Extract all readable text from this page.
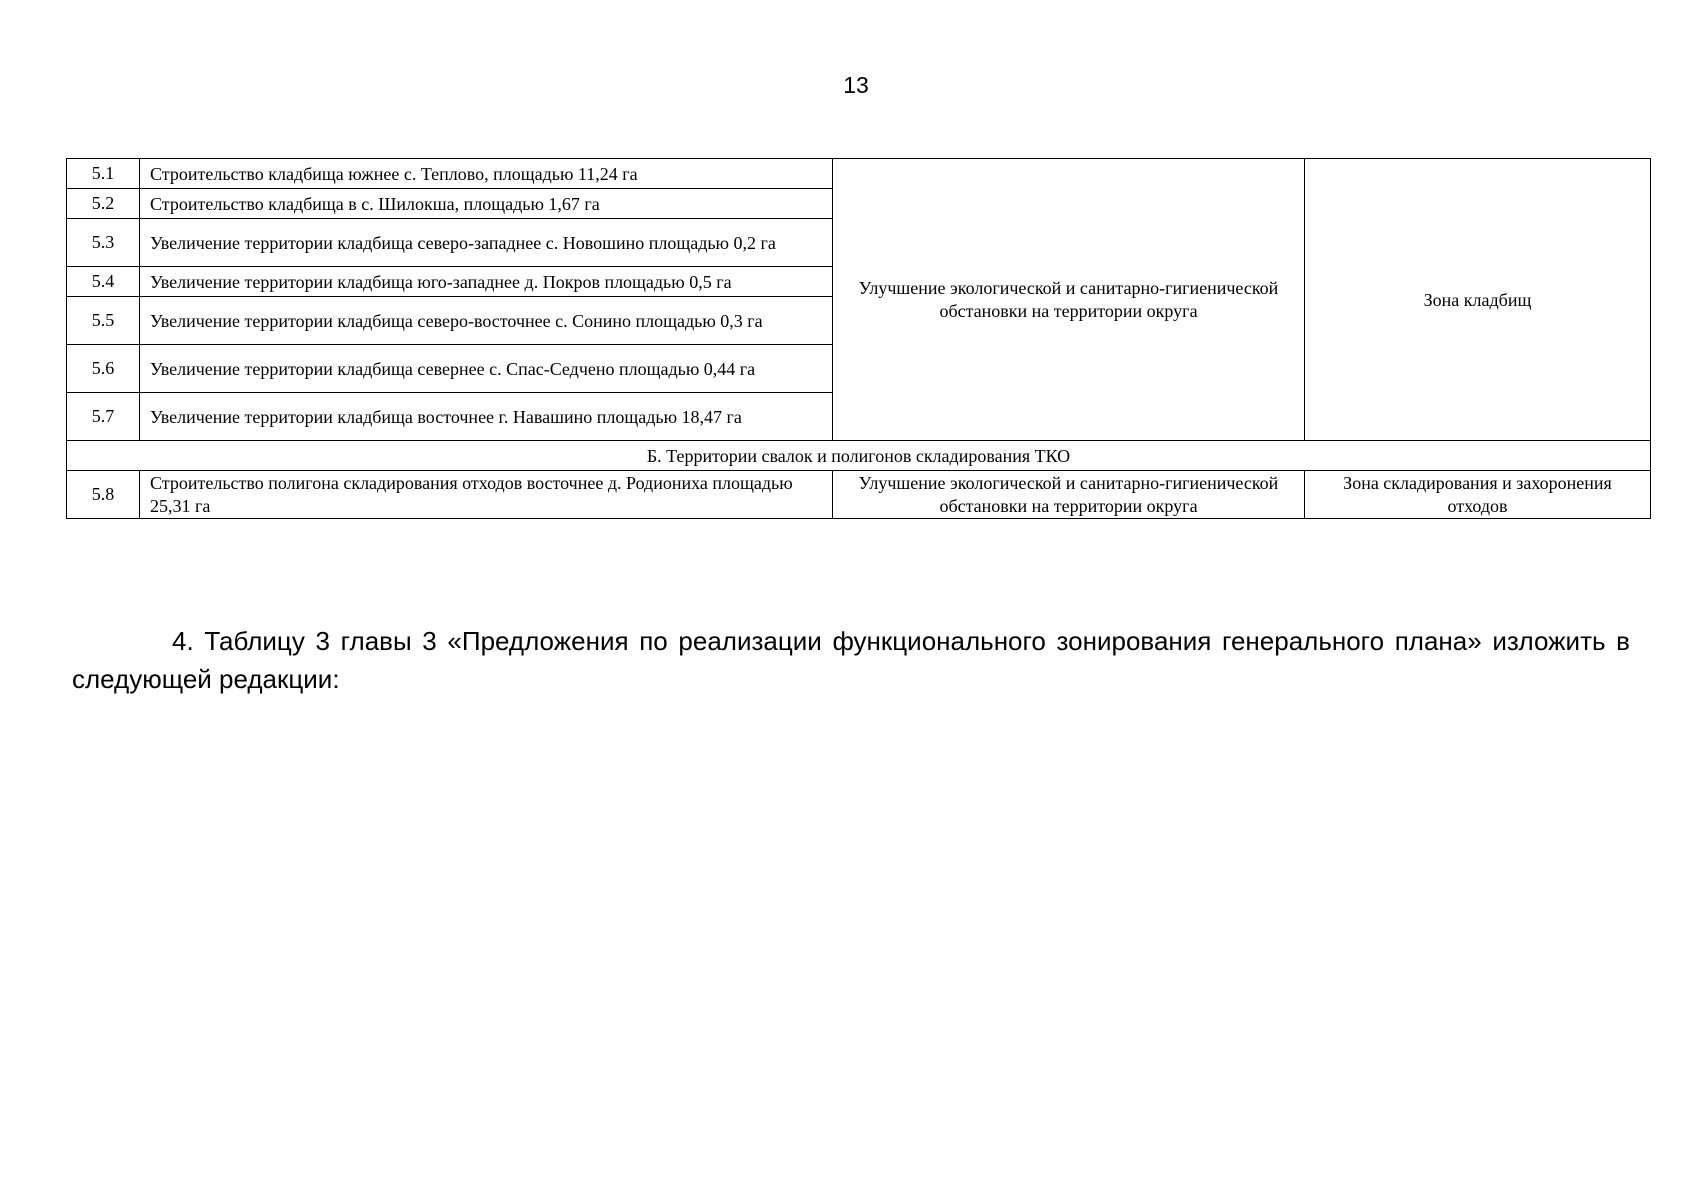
13
5.1	Строительство кладбища южнее с. Теплово, площадью 11,24 га	Улучшение экологической и санитарно-гигиенической обстановки на территории округа	Зона кладбищ
5.2	Строительство кладбища в с. Шилокша, площадью 1,67 га		
5.3	Увеличение территории кладбища северо-западнее с. Новошино площадью 0,2 га		
5.4	Увеличение территории кладбища юго-западнее д. Покров площадью 0,5 га		
5.5	Увеличение территории кладбища северо-восточнее с. Сонино площадью 0,3 га		
5.6	Увеличение территории кладбища севернее с. Спас-Седчено площадью 0,44 га		
5.7	Увеличение территории кладбища восточнее г. Навашино площадью 18,47 га		
Б. Территории свалок и полигонов складирования ТКО			
5.8	Строительство полигона складирования отходов восточнее д. Родиониха площадью 25,31 га	Улучшение экологической и санитарно-гигиенической обстановки на территории округа	Зона складирования и захоронения отходов

4. Таблицу 3 главы 3 «Предложения по реализации функционального зонирования генерального плана» изложить в следующей редакции:
